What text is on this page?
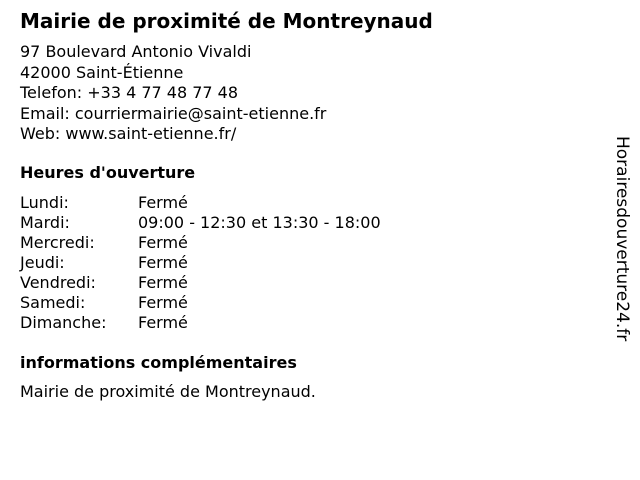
Mairie de proximité de Montreynaud
97 Boulevard Antonio Vivaldi
42000 Saint-Étienne
Telefon: +33 4 77 48 77 48
Email: courriermairie@saint-etienne.fr
Web: www.saint-etienne.fr/
Heures d'ouverture
Lundi:	Fermé
Mardi:	09:00 - 12:30 et 13:30 - 18:00
Mercredi:	Fermé
Jeudi:	Fermé
Vendredi:	Fermé
Samedi:	Fermé
Dimanche: Fermé
informations complémentaires
Mairie de proximité de Montreynaud.
Horairesdouverture24.fr
